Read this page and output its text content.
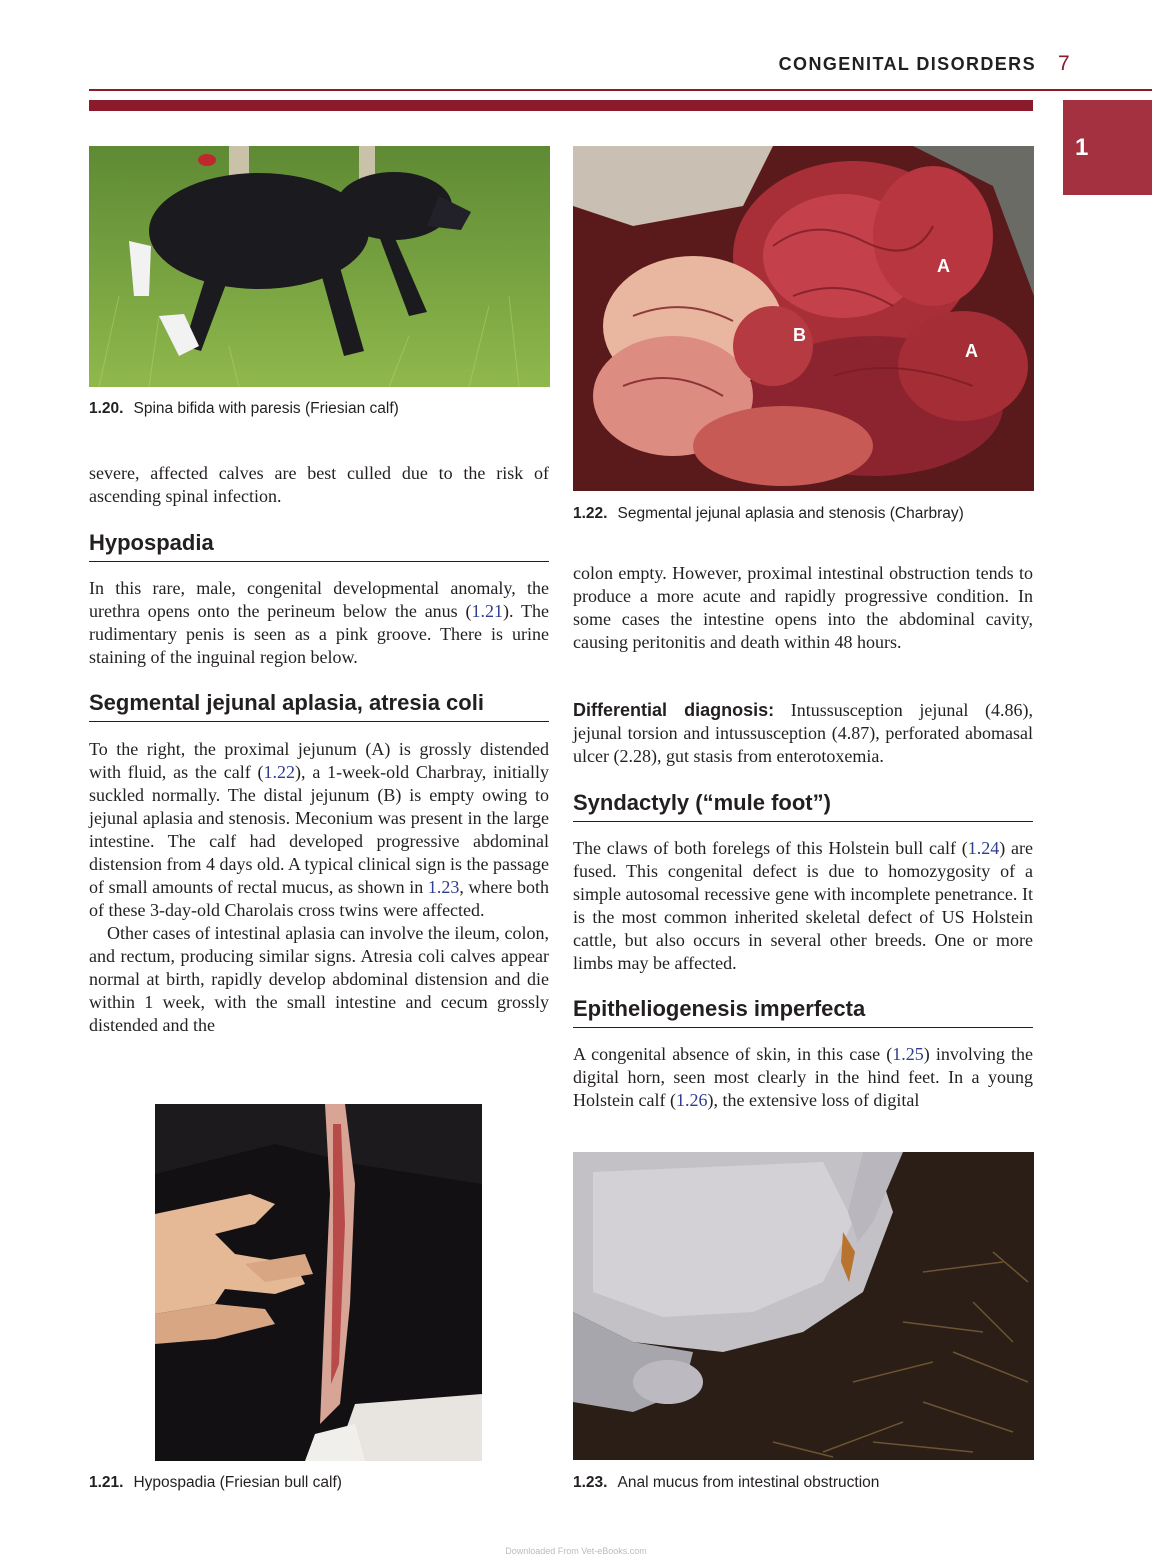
CONGENITAL DISORDERS 7
1
1.20. Spina bifida with paresis (Friesian calf)

severe, affected calves are best culled due to the risk of ascending spinal infection.

Hypospadia

In this rare, male, congenital developmental anomaly, the urethra opens onto the perineum below the anus (1.21). The rudimentary penis is seen as a pink groove. There is urine staining of the inguinal region below.

Segmental jejunal aplasia, atresia coli

To the right, the proximal jejunum (A) is grossly distended with fluid, as the calf (1.22), a 1-week-old Charbray, initially suckled normally. The distal jejunum (B) is empty owing to jejunal aplasia and stenosis. Meconium was present in the large intestine. The calf had developed progressive abdominal distension from 4 days old. A typical clinical sign is the passage of small amounts of rectal mucus, as shown in 1.23, where both of these 3-day-old Charolais cross twins were affected.

Other cases of intestinal aplasia can involve the ileum, colon, and rectum, producing similar signs. Atresia coli calves appear normal at birth, rapidly develop abdominal distension and die within 1 week, with the small intestine and cecum grossly distended and the

1.21. Hypospadia (Friesian bull calf)
A
A
B
1.22. Segmental jejunal aplasia and stenosis (Charbray)

colon empty. However, proximal intestinal obstruction tends to produce a more acute and rapidly progressive condition. In some cases the intestine opens into the abdominal cavity, causing peritonitis and death within 48 hours.

Differential diagnosis: Intussusception jejunal (4.86), jejunal torsion and intussusception (4.87), perforated abomasal ulcer (2.28), gut stasis from enterotoxemia.

Syndactyly (“mule foot”)

The claws of both forelegs of this Holstein bull calf (1.24) are fused. This congenital defect is due to homozygosity of a simple autosomal recessive gene with incomplete penetrance. It is the most common inherited skeletal defect of US Holstein cattle, but also occurs in several other breeds. One or more limbs may be affected.

Epitheliogenesis imperfecta

A congenital absence of skin, in this case (1.25) involving the digital horn, seen most clearly in the hind feet. In a young Holstein calf (1.26), the extensive loss of digital

1.23. Anal mucus from intestinal obstruction
Downloaded From Vet-eBooks.com
